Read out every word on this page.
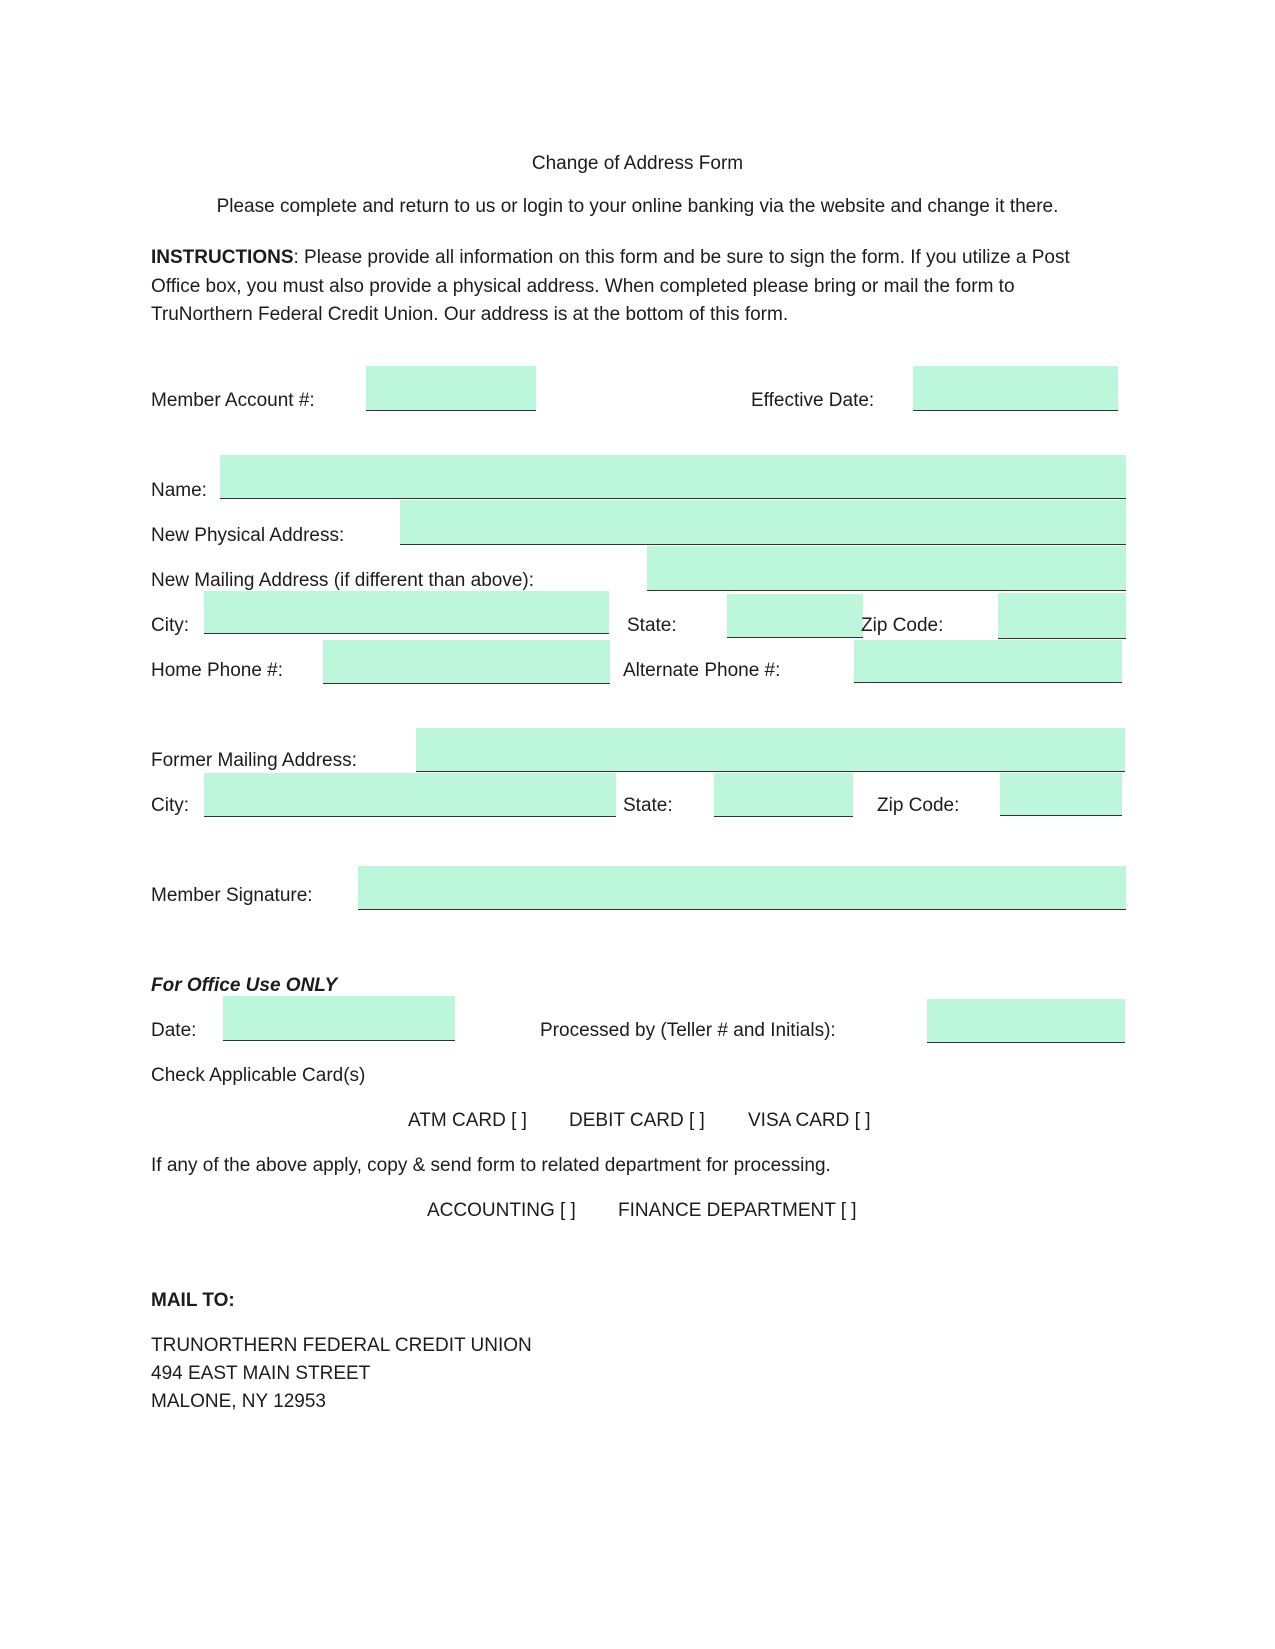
Change of Address Form
Please complete and return to us or login to your online banking via the website and change it there.
INSTRUCTIONS: Please provide all information on this form and be sure to sign the form. If you utilize a Post Office box, you must also provide a physical address. When completed please bring or mail the form to TruNorthern Federal Credit Union. Our address is at the bottom of this form.
Member Account #:	Effective Date:
Name:
New Physical Address:
New Mailing Address (if different than above):
City:	State:	Zip Code:
Home Phone #:	Alternate Phone #:
Former Mailing Address:
City:	State:	Zip Code:
Member Signature:
For Office Use ONLY
Date:	Processed by (Teller # and Initials):
Check Applicable Card(s)
ATM CARD [ ] DEBIT CARD [ ] VISA CARD [ ]
If any of the above apply, copy & send form to related department for processing.
ACCOUNTING [ ] FINANCE DEPARTMENT [ ]
MAIL TO:
TRUNORTHERN FEDERAL CREDIT UNION
494 EAST MAIN STREET
MALONE, NY 12953
